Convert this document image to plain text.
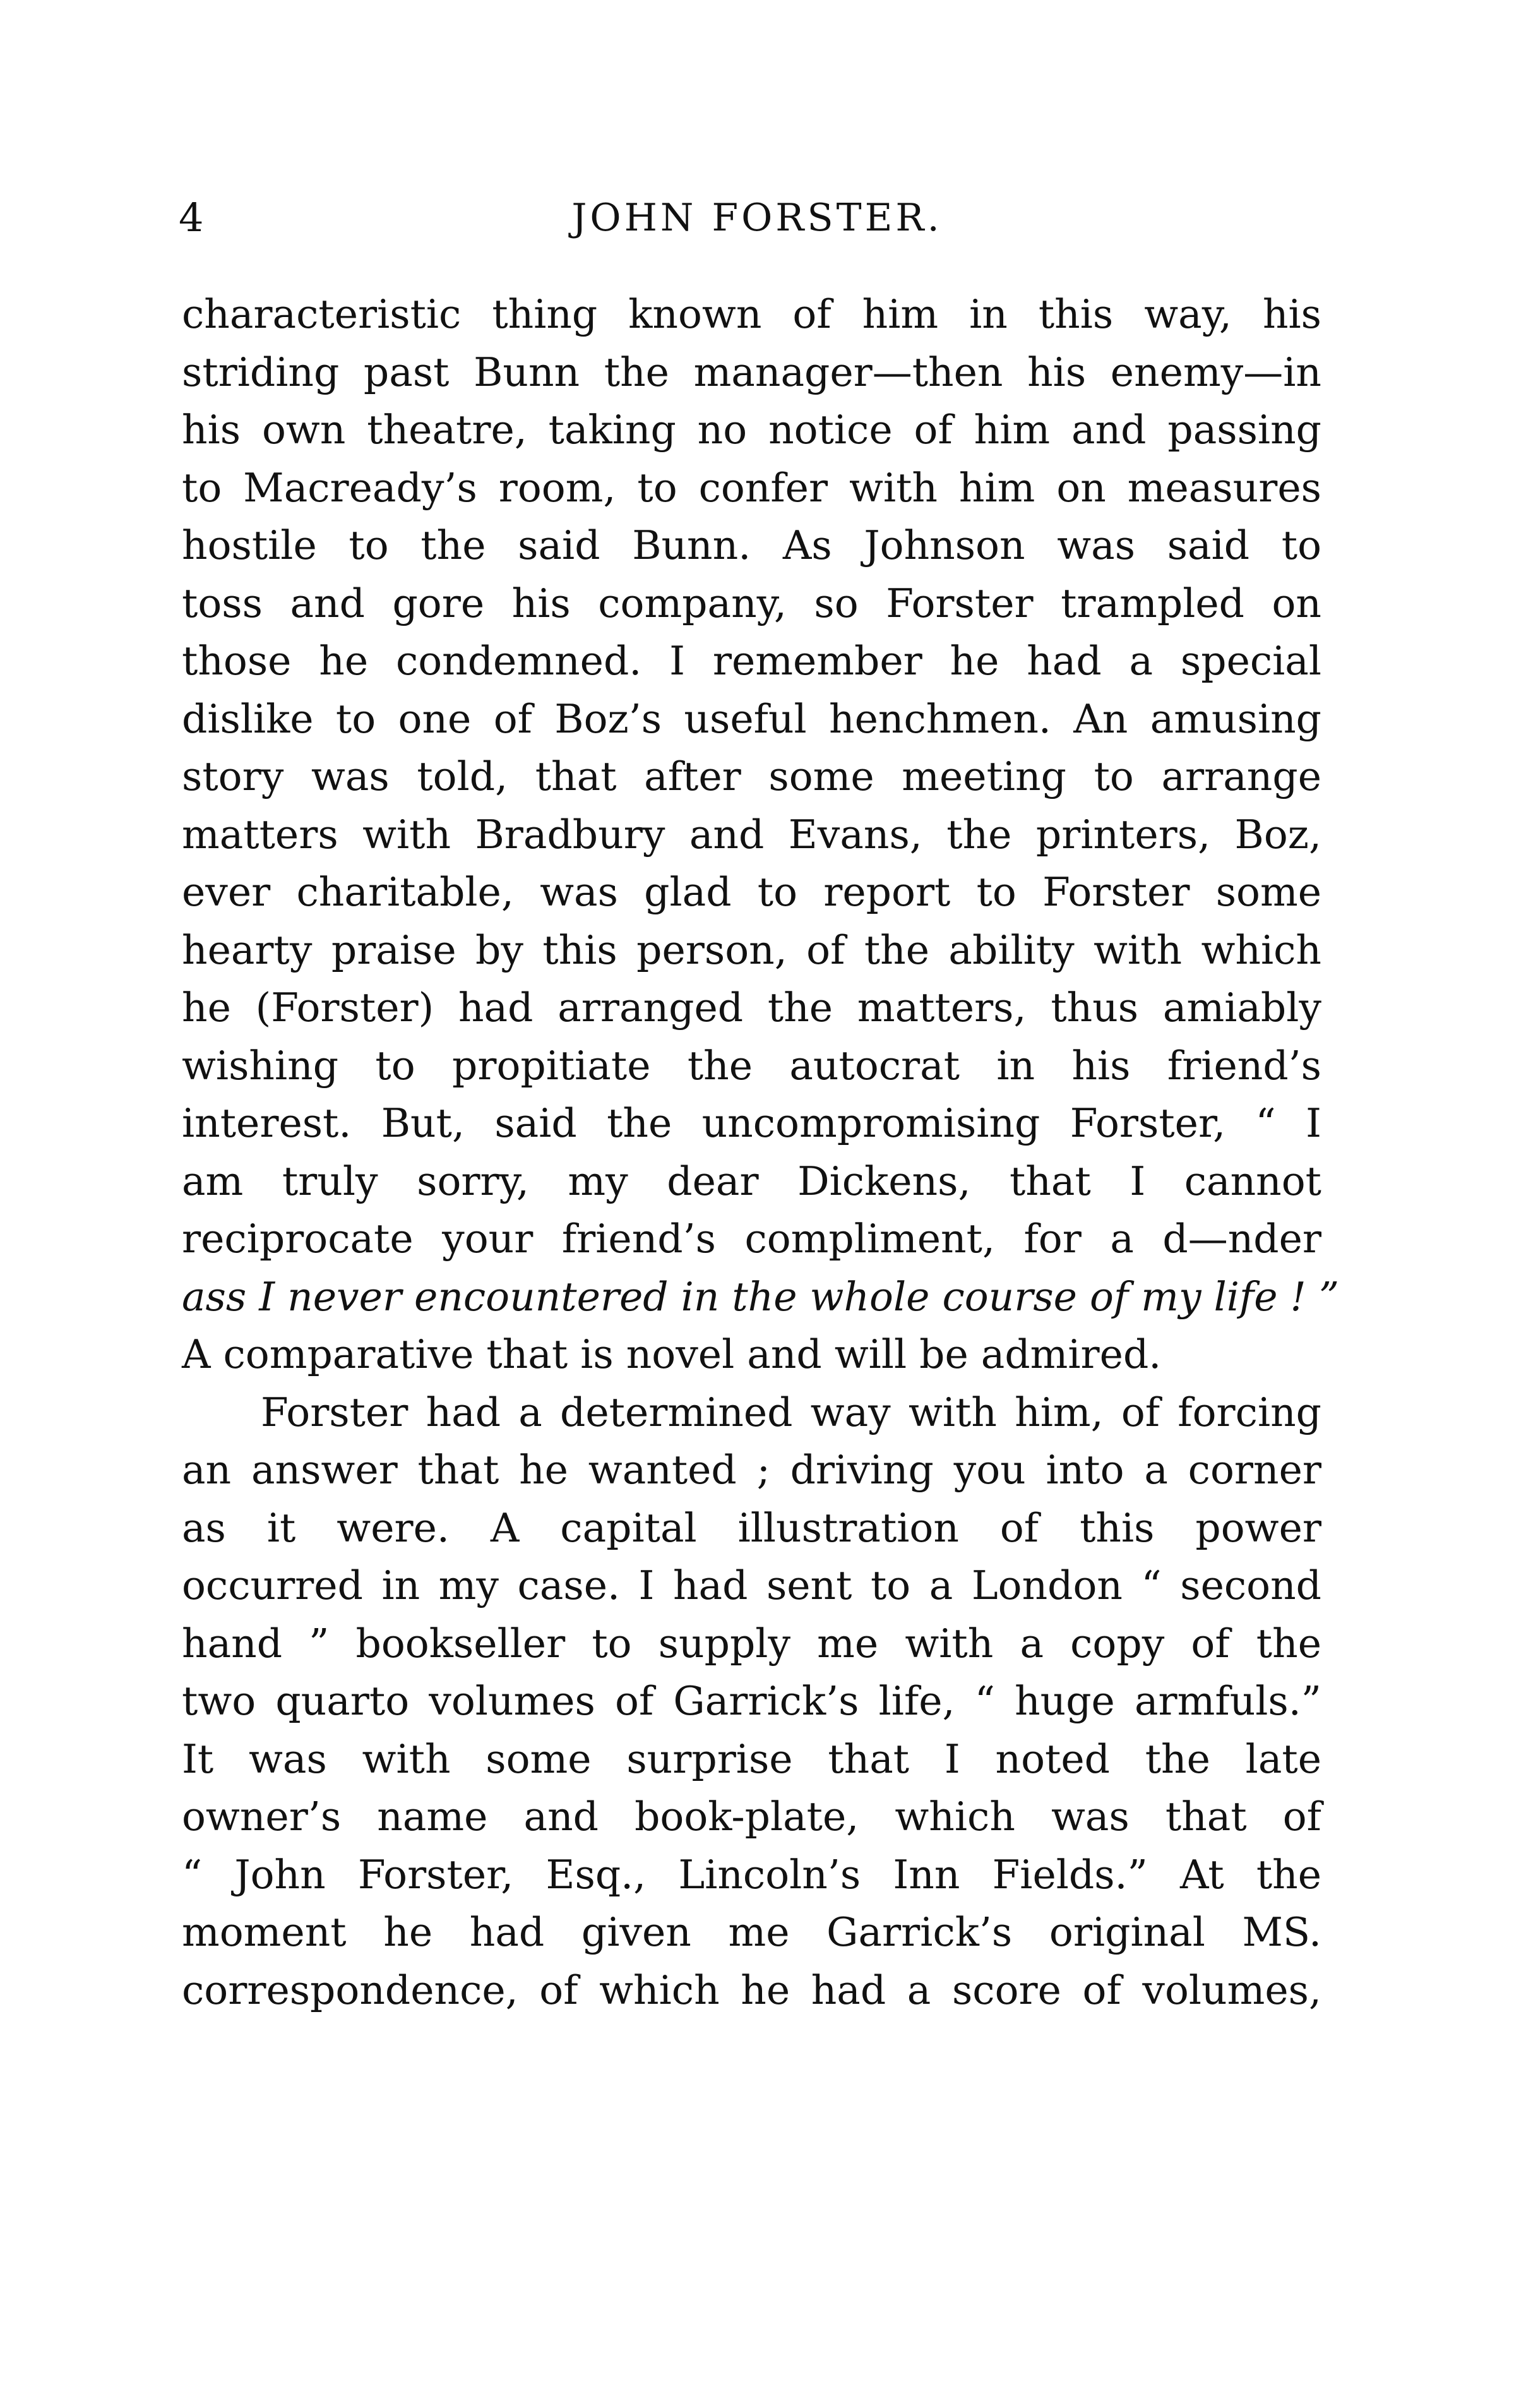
4	JOHN FORSTER.
characteristic thing known of him in this way, his
striding past Bunn the manager—then his enemy—in
his own theatre, taking no notice of him and passing
to Macready’s room, to confer with him on measures
hostile to the said Bunn. As Johnson was said to
toss and gore his company, so Forster trampled on
those he condemned. I remember he had a special
dislike to one of Boz’s useful henchmen. An amusing
story was told, that after some meeting to arrange
matters with Bradbury and Evans, the printers, Boz,
ever charitable, was glad to report to Forster some
hearty praise by this person, of the ability with which
he (Forster) had arranged the matters, thus amiably
wishing to propitiate the autocrat in his friend’s
interest. But, said the uncompromising Forster, “ I
am truly sorry, my dear Dickens, that I cannot
reciprocate your friend’s compliment, for a d—nder
ass I never encountered in the whole course of my life ! ”
A comparative that is novel and will be admired.
Forster had a determined way with him, of forcing
an answer that he wanted ; driving you into a corner
as it were. A capital illustration of this power
occurred in my case. I had sent to a London “ second
hand ” bookseller to supply me with a copy of the
two quarto volumes of Garrick’s life, “ huge armfuls.”
It was with some surprise that I noted the late
owner’s name and book-plate, which was that of
“ John Forster, Esq., Lincoln’s Inn Fields.” At the
moment he had given me Garrick’s original MS.
correspondence, of which he had a score of volumes,
